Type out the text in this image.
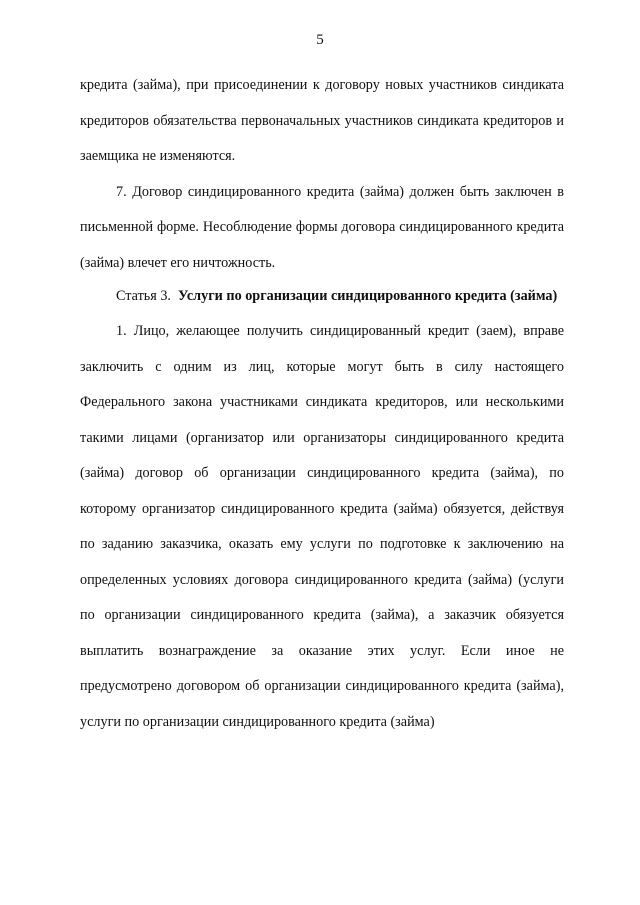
5

кредита (займа), при присоединении к договору новых участников синдиката кредиторов обязательства первоначальных участников синдиката кредиторов и заемщика не изменяются.

7. Договор синдицированного кредита (займа) должен быть заключен в письменной форме. Несоблюдение формы договора синдицированного кредита (займа) влечет его ничтожность.

Статья 3. Услуги по организации синдицированного кредита (займа)

1. Лицо, желающее получить синдицированный кредит (заем), вправе заключить с одним из лиц, которые могут быть в силу настоящего Федерального закона участниками синдиката кредиторов, или несколькими такими лицами (организатор или организаторы синдицированного кредита (займа) договор об организации синдицированного кредита (займа), по которому организатор синдицированного кредита (займа) обязуется, действуя по заданию заказчика, оказать ему услуги по подготовке к заключению на определенных условиях договора синдицированного кредита (займа) (услуги по организации синдицированного кредита (займа), а заказчик обязуется выплатить вознаграждение за оказание этих услуг. Если иное не предусмотрено договором об организации синдицированного кредита (займа), услуги по организации синдицированного кредита (займа)
